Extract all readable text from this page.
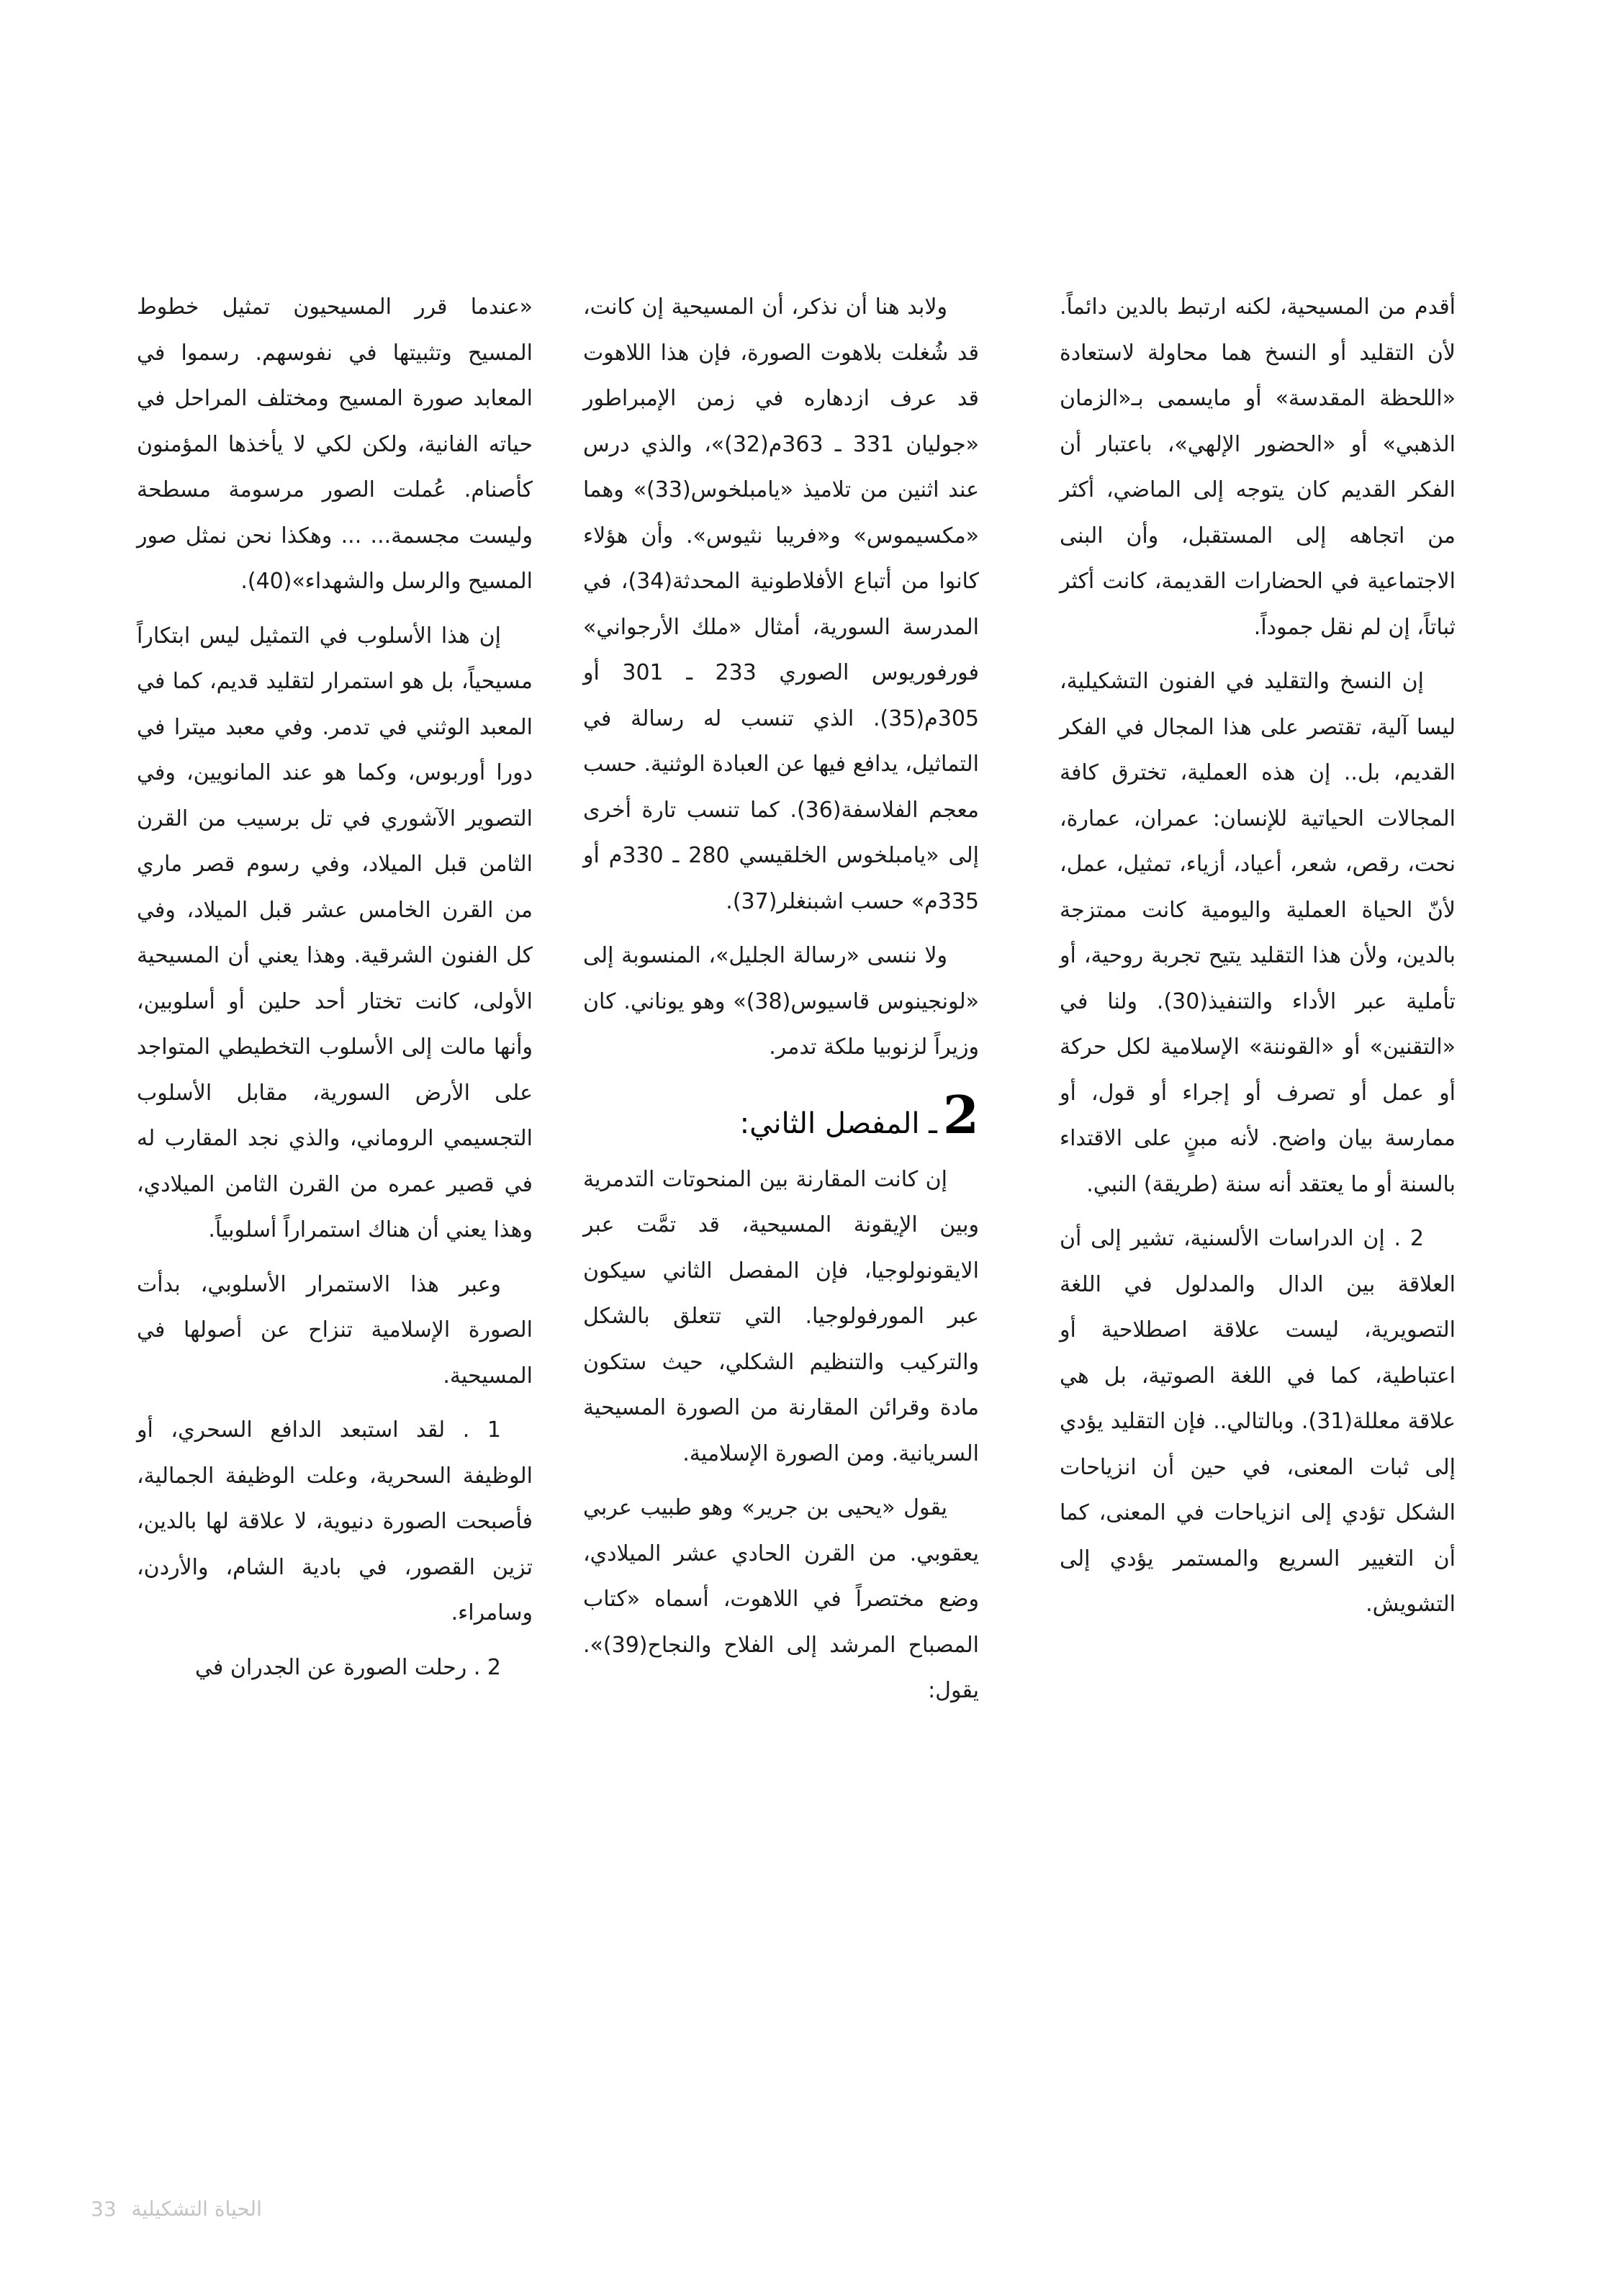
أقدم من المسيحية، لكنه ارتبط بالدين دائماً. لأن التقليد أو النسخ هما محاولة لاستعادة «اللحظة المقدسة» أو مايسمى بـ«الزمان الذهبي» أو «الحضور الإلهي»، باعتبار أن الفكر القديم كان يتوجه إلى الماضي، أكثر من اتجاهه إلى المستقبل، وأن البنى الاجتماعية في الحضارات القديمة، كانت أكثر ثباتاً، إن لم نقل جموداً.

إن النسخ والتقليد في الفنون التشكيلية، ليسا آلية، تقتصر على هذا المجال في الفكر القديم، بل.. إن هذه العملية، تخترق كافة المجالات الحياتية للإنسان: عمران، عمارة، نحت، رقص، شعر، أعياد، أزياء، تمثيل، عمل، لأنّ الحياة العملية واليومية كانت ممتزجة بالدين، ولأن هذا التقليد يتيح تجربة روحية، أو تأملية عبر الأداء والتنفيذ(30). ولنا في «التقنين» أو «القوننة» الإسلامية لكل حركة أو عمل أو تصرف أو إجراء أو قول، أو ممارسة بيان واضح. لأنه مبنٍ على الاقتداء بالسنة أو ما يعتقد أنه سنة (طريقة) النبي.

2 . إن الدراسات الألسنية، تشير إلى أن العلاقة بين الدال والمدلول في اللغة التصويرية، ليست علاقة اصطلاحية أو اعتباطية، كما في اللغة الصوتية، بل هي علاقة معللة(31). وبالتالي.. فإن التقليد يؤدي إلى ثبات المعنى، في حين أن انزياحات الشكل تؤدي إلى انزياحات في المعنى، كما أن التغيير السريع والمستمر يؤدي إلى التشويش.

ولابد هنا أن نذكر، أن المسيحية إن كانت، قد شُغلت بلاهوت الصورة، فإن هذا اللاهوت قد عرف ازدهاره في زمن الإمبراطور «جوليان 331 ـ 363م(32)»، والذي درس عند اثنين من تلاميذ «يامبلخوس(33)» وهما «مكسيموس» و«فريبا نثيوس». وأن هؤلاء كانوا من أتباع الأفلاطونية المحدثة(34)، في المدرسة السورية، أمثال «ملك الأرجواني» فورفوريوس الصوري 233 ـ 301 أو 305م(35). الذي تنسب له رسالة في التماثيل، يدافع فيها عن العبادة الوثنية. حسب معجم الفلاسفة(36). كما تنسب تارة أخرى إلى «يامبلخوس الخلقيسي 280 ـ 330م أو 335م» حسب اشبنغلر(37).

ولا ننسى «رسالة الجليل»، المنسوبة إلى «لونجينوس قاسيوس(38)» وهو يوناني. كان وزيراً لزنوبيا ملكة تدمر.

2
ـ المفصل الثاني:

إن كانت المقارنة بين المنحوتات التدمرية وبين الإيقونة المسيحية، قد تمَّت عبر الايقونولوجيا، فإن المفصل الثاني سيكون عبر المورفولوجيا. التي تتعلق بالشكل والتركيب والتنظيم الشكلي، حيث ستكون مادة وقرائن المقارنة من الصورة المسيحية السريانية. ومن الصورة الإسلامية.

يقول «يحيى بن جرير» وهو طبيب عربي يعقوبي. من القرن الحادي عشر الميلادي، وضع مختصراً في اللاهوت، أسماه «كتاب المصباح المرشد إلى الفلاح والنجاح(39)». يقول:

«عندما قرر المسيحيون تمثيل خطوط المسيح وتثبيتها في نفوسهم. رسموا في المعابد صورة المسيح ومختلف المراحل في حياته الفانية، ولكن لكي لا يأخذها المؤمنون كأصنام. عُملت الصور مرسومة مسطحة وليست مجسمة... ... وهكذا نحن نمثل صور المسيح والرسل والشهداء»(40).

إن هذا الأسلوب في التمثيل ليس ابتكاراً مسيحياً، بل هو استمرار لتقليد قديم، كما في المعبد الوثني في تدمر. وفي معبد ميترا في دورا أوربوس، وكما هو عند المانويين، وفي التصوير الآشوري في تل برسيب من القرن الثامن قبل الميلاد، وفي رسوم قصر ماري من القرن الخامس عشر قبل الميلاد، وفي كل الفنون الشرقية. وهذا يعني أن المسيحية الأولى، كانت تختار أحد حلين أو أسلوبين، وأنها مالت إلى الأسلوب التخطيطي المتواجد على الأرض السورية، مقابل الأسلوب التجسيمي الروماني، والذي نجد المقارب له في قصير عمره من القرن الثامن الميلادي، وهذا يعني أن هناك استمراراً أسلوبياً.

وعبر هذا الاستمرار الأسلوبي، بدأت الصورة الإسلامية تنزاح عن أصولها في المسيحية.

1 . لقد استبعد الدافع السحري، أو الوظيفة السحرية، وعلت الوظيفة الجمالية، فأصبحت الصورة دنيوية، لا علاقة لها بالدين، تزين القصور، في بادية الشام، والأردن، وسامراء.

2 . رحلت الصورة عن الجدران في

الحياة التشكيلية 33
